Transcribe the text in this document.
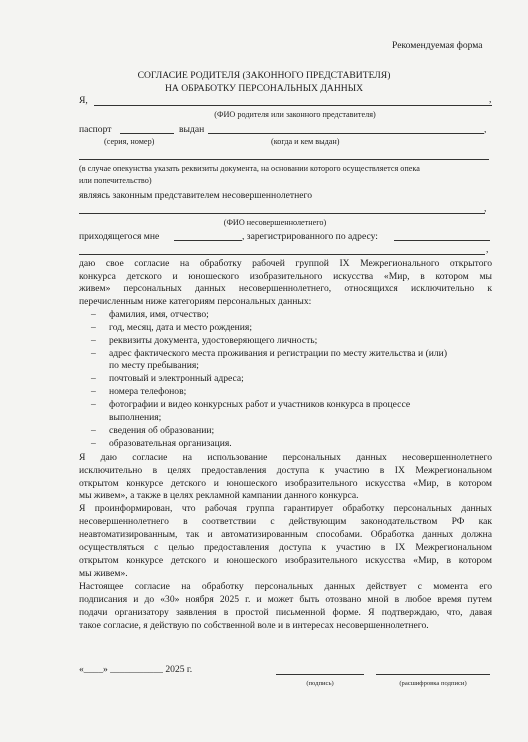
Рекомендуемая форма
СОГЛАСИЕ РОДИТЕЛЯ (ЗАКОННОГО ПРЕДСТАВИТЕЛЯ)
НА ОБРАБОТКУ ПЕРСОНАЛЬНЫХ ДАННЫХ
Я,	,
(ФИО родителя или законного представителя)
паспорт	выдан	,
(серия, номер)	(когда и кем выдан)
(в случае опекунства указать реквизиты документа, на основании которого осуществляется опека
или попечительство)
являясь законным представителем несовершеннолетнего
,
(ФИО несовершеннолетнего)
приходящегося мне	, зарегистрированного по адресу:
,
даю свое согласие на обработку рабочей группой IX Межрегионального открытого
конкурса детского и юношеского изобразительного искусства «Мир, в котором мы
живем» персональных данных несовершеннолетнего, относящихся исключительно к
перечисленным ниже категориям персональных данных:
– фамилия, имя, отчество;
– год, месяц, дата и место рождения;
– реквизиты документа, удостоверяющего личность;
– адрес фактического места проживания и регистрации по месту жительства и (или)
по месту пребывания;
– почтовый и электронный адреса;
– номера телефонов;
– фотографии и видео конкурсных работ и участников конкурса в процессе
выполнения;
– сведения об образовании;
– образовательная организация.
Я даю согласие на использование персональных данных несовершеннолетнего
исключительно в целях предоставления доступа к участию в IX Межрегиональном
открытом конкурсе детского и юношеского изобразительного искусства «Мир, в котором
мы живем», а также в целях рекламной кампании данного конкурса.
Я проинформирован, что рабочая группа гарантирует обработку персональных данных
несовершеннолетнего в соответствии с действующим законодательством РФ как
неавтоматизированным, так и автоматизированным способами. Обработка данных должна
осуществляться с целью предоставления доступа к участию в IX Межрегиональном
открытом конкурсе детского и юношеского изобразительного искусства «Мир, в котором
мы живем».
Настоящее согласие на обработку персональных данных действует с момента его
подписания и до «30» ноября 2025 г. и может быть отозвано мной в любое время путем
подачи организатору заявления в простой письменной форме. Я подтверждаю, что, давая
такое согласие, я действую по собственной воле и в интересах несовершеннолетнего.
«____» ___________ 2025 г.
(подпись)	(расшифровка подписи)
